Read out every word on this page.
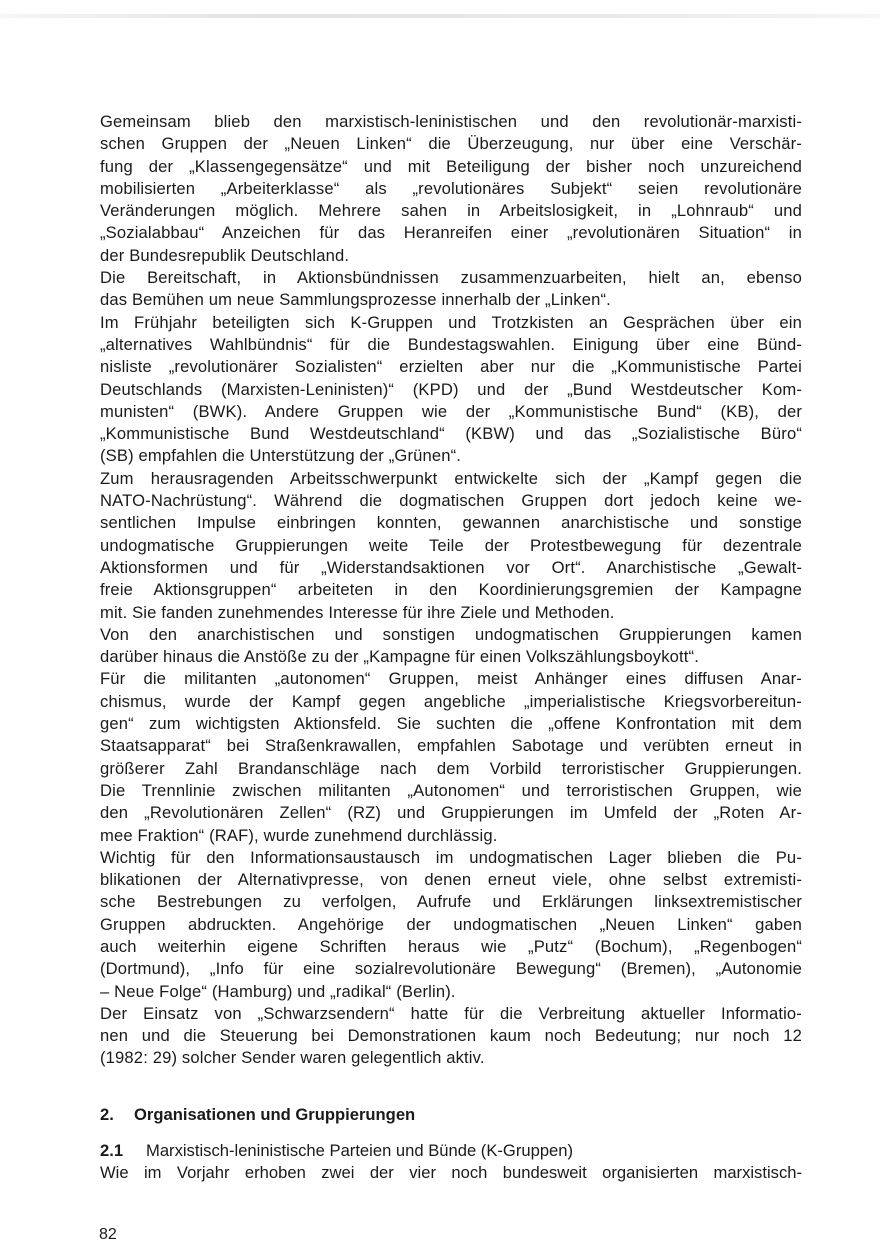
Gemeinsam blieb den marxistisch-leninistischen und den revolutionär-marxisti-
schen Gruppen der „Neuen Linken“ die Überzeugung, nur über eine Verschär-
fung der „Klassengegensätze“ und mit Beteiligung der bisher noch unzureichend
mobilisierten „Arbeiterklasse“ als „revolutionäres Subjekt“ seien revolutionäre
Veränderungen möglich. Mehrere sahen in Arbeitslosigkeit, in „Lohnraub“ und
„Sozialabbau“ Anzeichen für das Heranreifen einer „revolutionären Situation“ in
der Bundesrepublik Deutschland.
Die Bereitschaft, in Aktionsbündnissen zusammenzuarbeiten, hielt an, ebenso
das Bemühen um neue Sammlungsprozesse innerhalb der „Linken“.
Im Frühjahr beteiligten sich K-Gruppen und Trotzkisten an Gesprächen über ein
„alternatives Wahlbündnis“ für die Bundestagswahlen. Einigung über eine Bünd-
nisliste „revolutionärer Sozialisten“ erzielten aber nur die „Kommunistische Partei
Deutschlands (Marxisten-Leninisten)“ (KPD) und der „Bund Westdeutscher Kom-
munisten“ (BWK). Andere Gruppen wie der „Kommunistische Bund“ (KB), der
„Kommunistische Bund Westdeutschland“ (KBW) und das „Sozialistische Büro“
(SB) empfahlen die Unterstützung der „Grünen“.
Zum herausragenden Arbeitsschwerpunkt entwickelte sich der „Kampf gegen die
NATO-Nachrüstung“. Während die dogmatischen Gruppen dort jedoch keine we-
sentlichen Impulse einbringen konnten, gewannen anarchistische und sonstige
undogmatische Gruppierungen weite Teile der Protestbewegung für dezentrale
Aktionsformen und für „Widerstandsaktionen vor Ort“. Anarchistische „Gewalt-
freie Aktionsgruppen“ arbeiteten in den Koordinierungsgremien der Kampagne
mit. Sie fanden zunehmendes Interesse für ihre Ziele und Methoden.
Von den anarchistischen und sonstigen undogmatischen Gruppierungen kamen
darüber hinaus die Anstöße zu der „Kampagne für einen Volkszählungsboykott“.
Für die militanten „autonomen“ Gruppen, meist Anhänger eines diffusen Anar-
chismus, wurde der Kampf gegen angebliche „imperialistische Kriegsvorbereitun-
gen“ zum wichtigsten Aktionsfeld. Sie suchten die „offene Konfrontation mit dem
Staatsapparat“ bei Straßenkrawallen, empfahlen Sabotage und verübten erneut in
größerer Zahl Brandanschläge nach dem Vorbild terroristischer Gruppierungen.
Die Trennlinie zwischen militanten „Autonomen“ und terroristischen Gruppen, wie
den „Revolutionären Zellen“ (RZ) und Gruppierungen im Umfeld der „Roten Ar-
mee Fraktion“ (RAF), wurde zunehmend durchlässig.
Wichtig für den Informationsaustausch im undogmatischen Lager blieben die Pu-
blikationen der Alternativpresse, von denen erneut viele, ohne selbst extremisti-
sche Bestrebungen zu verfolgen, Aufrufe und Erklärungen linksextremistischer
Gruppen abdruckten. Angehörige der undogmatischen „Neuen Linken“ gaben
auch weiterhin eigene Schriften heraus wie „Putz“ (Bochum), „Regenbogen“
(Dortmund), „Info für eine sozialrevolutionäre Bewegung“ (Bremen), „Autonomie
– Neue Folge“ (Hamburg) und „radikal“ (Berlin).
Der Einsatz von „Schwarzsendern“ hatte für die Verbreitung aktueller Informatio-
nen und die Steuerung bei Demonstrationen kaum noch Bedeutung; nur noch 12
(1982: 29) solcher Sender waren gelegentlich aktiv.
2. Organisationen und Gruppierungen
2.1 Marxistisch-leninistische Parteien und Bünde (K-Gruppen)
Wie im Vorjahr erhoben zwei der vier noch bundesweit organisierten marxistisch-
82
